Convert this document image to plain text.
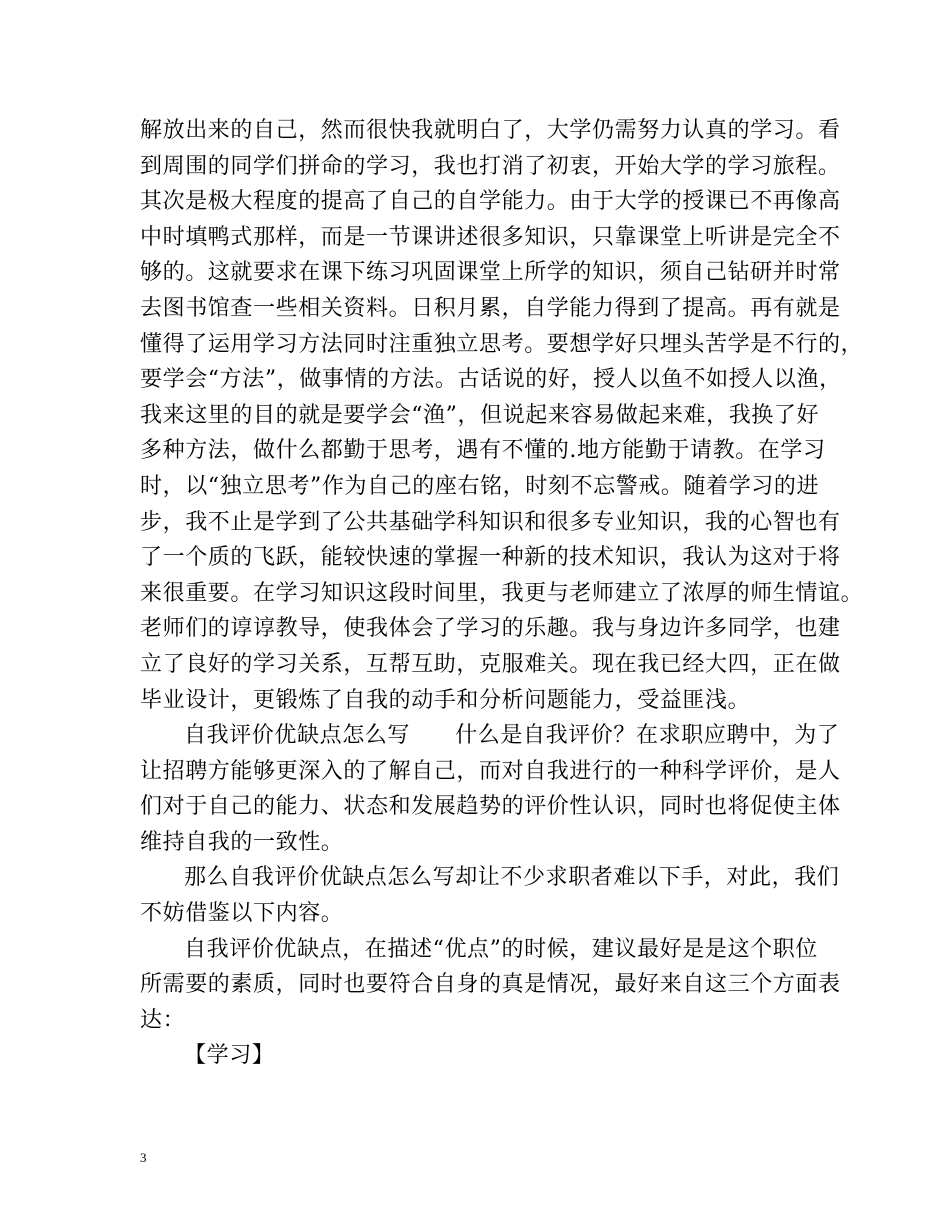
解放出来的自己，然而很快我就明白了，大学仍需努力认真的学习。看
到周围的同学们拼命的学习，我也打消了初衷，开始大学的学习旅程。
其次是极大程度的提高了自己的自学能力。由于大学的授课已不再像高
中时填鸭式那样，而是一节课讲述很多知识，只靠课堂上听讲是完全不
够的。这就要求在课下练习巩固课堂上所学的知识，须自己钻研并时常
去图书馆查一些相关资料。日积月累，自学能力得到了提高。再有就是
懂得了运用学习方法同时注重独立思考。要想学好只埋头苦学是不行的，
要学会“方法”，做事情的方法。古话说的好，授人以鱼不如授人以渔，
我来这里的目的就是要学会“渔”，但说起来容易做起来难，我换了好
多种方法，做什么都勤于思考，遇有不懂的.地方能勤于请教。在学习
时，以“独立思考”作为自己的座右铭，时刻不忘警戒。随着学习的进
步，我不止是学到了公共基础学科知识和很多专业知识，我的心智也有
了一个质的飞跃，能较快速的掌握一种新的技术知识，我认为这对于将
来很重要。在学习知识这段时间里，我更与老师建立了浓厚的师生情谊。
老师们的谆谆教导，使我体会了学习的乐趣。我与身边许多同学，也建
立了良好的学习关系，互帮互助，克服难关。现在我已经大四，正在做
毕业设计，更锻炼了自我的动手和分析问题能力，受益匪浅。
自我评价优缺点怎么写　　什么是自我评价？在求职应聘中，为了
让招聘方能够更深入的了解自己，而对自我进行的一种科学评价，是人
们对于自己的能力、状态和发展趋势的评价性认识，同时也将促使主体
维持自我的一致性。
那么自我评价优缺点怎么写却让不少求职者难以下手，对此，我们
不妨借鉴以下内容。
自我评价优缺点，在描述“优点”的时候，建议最好是是这个职位
所需要的素质，同时也要符合自身的真是情况，最好来自这三个方面表
达：
【学习】
3
